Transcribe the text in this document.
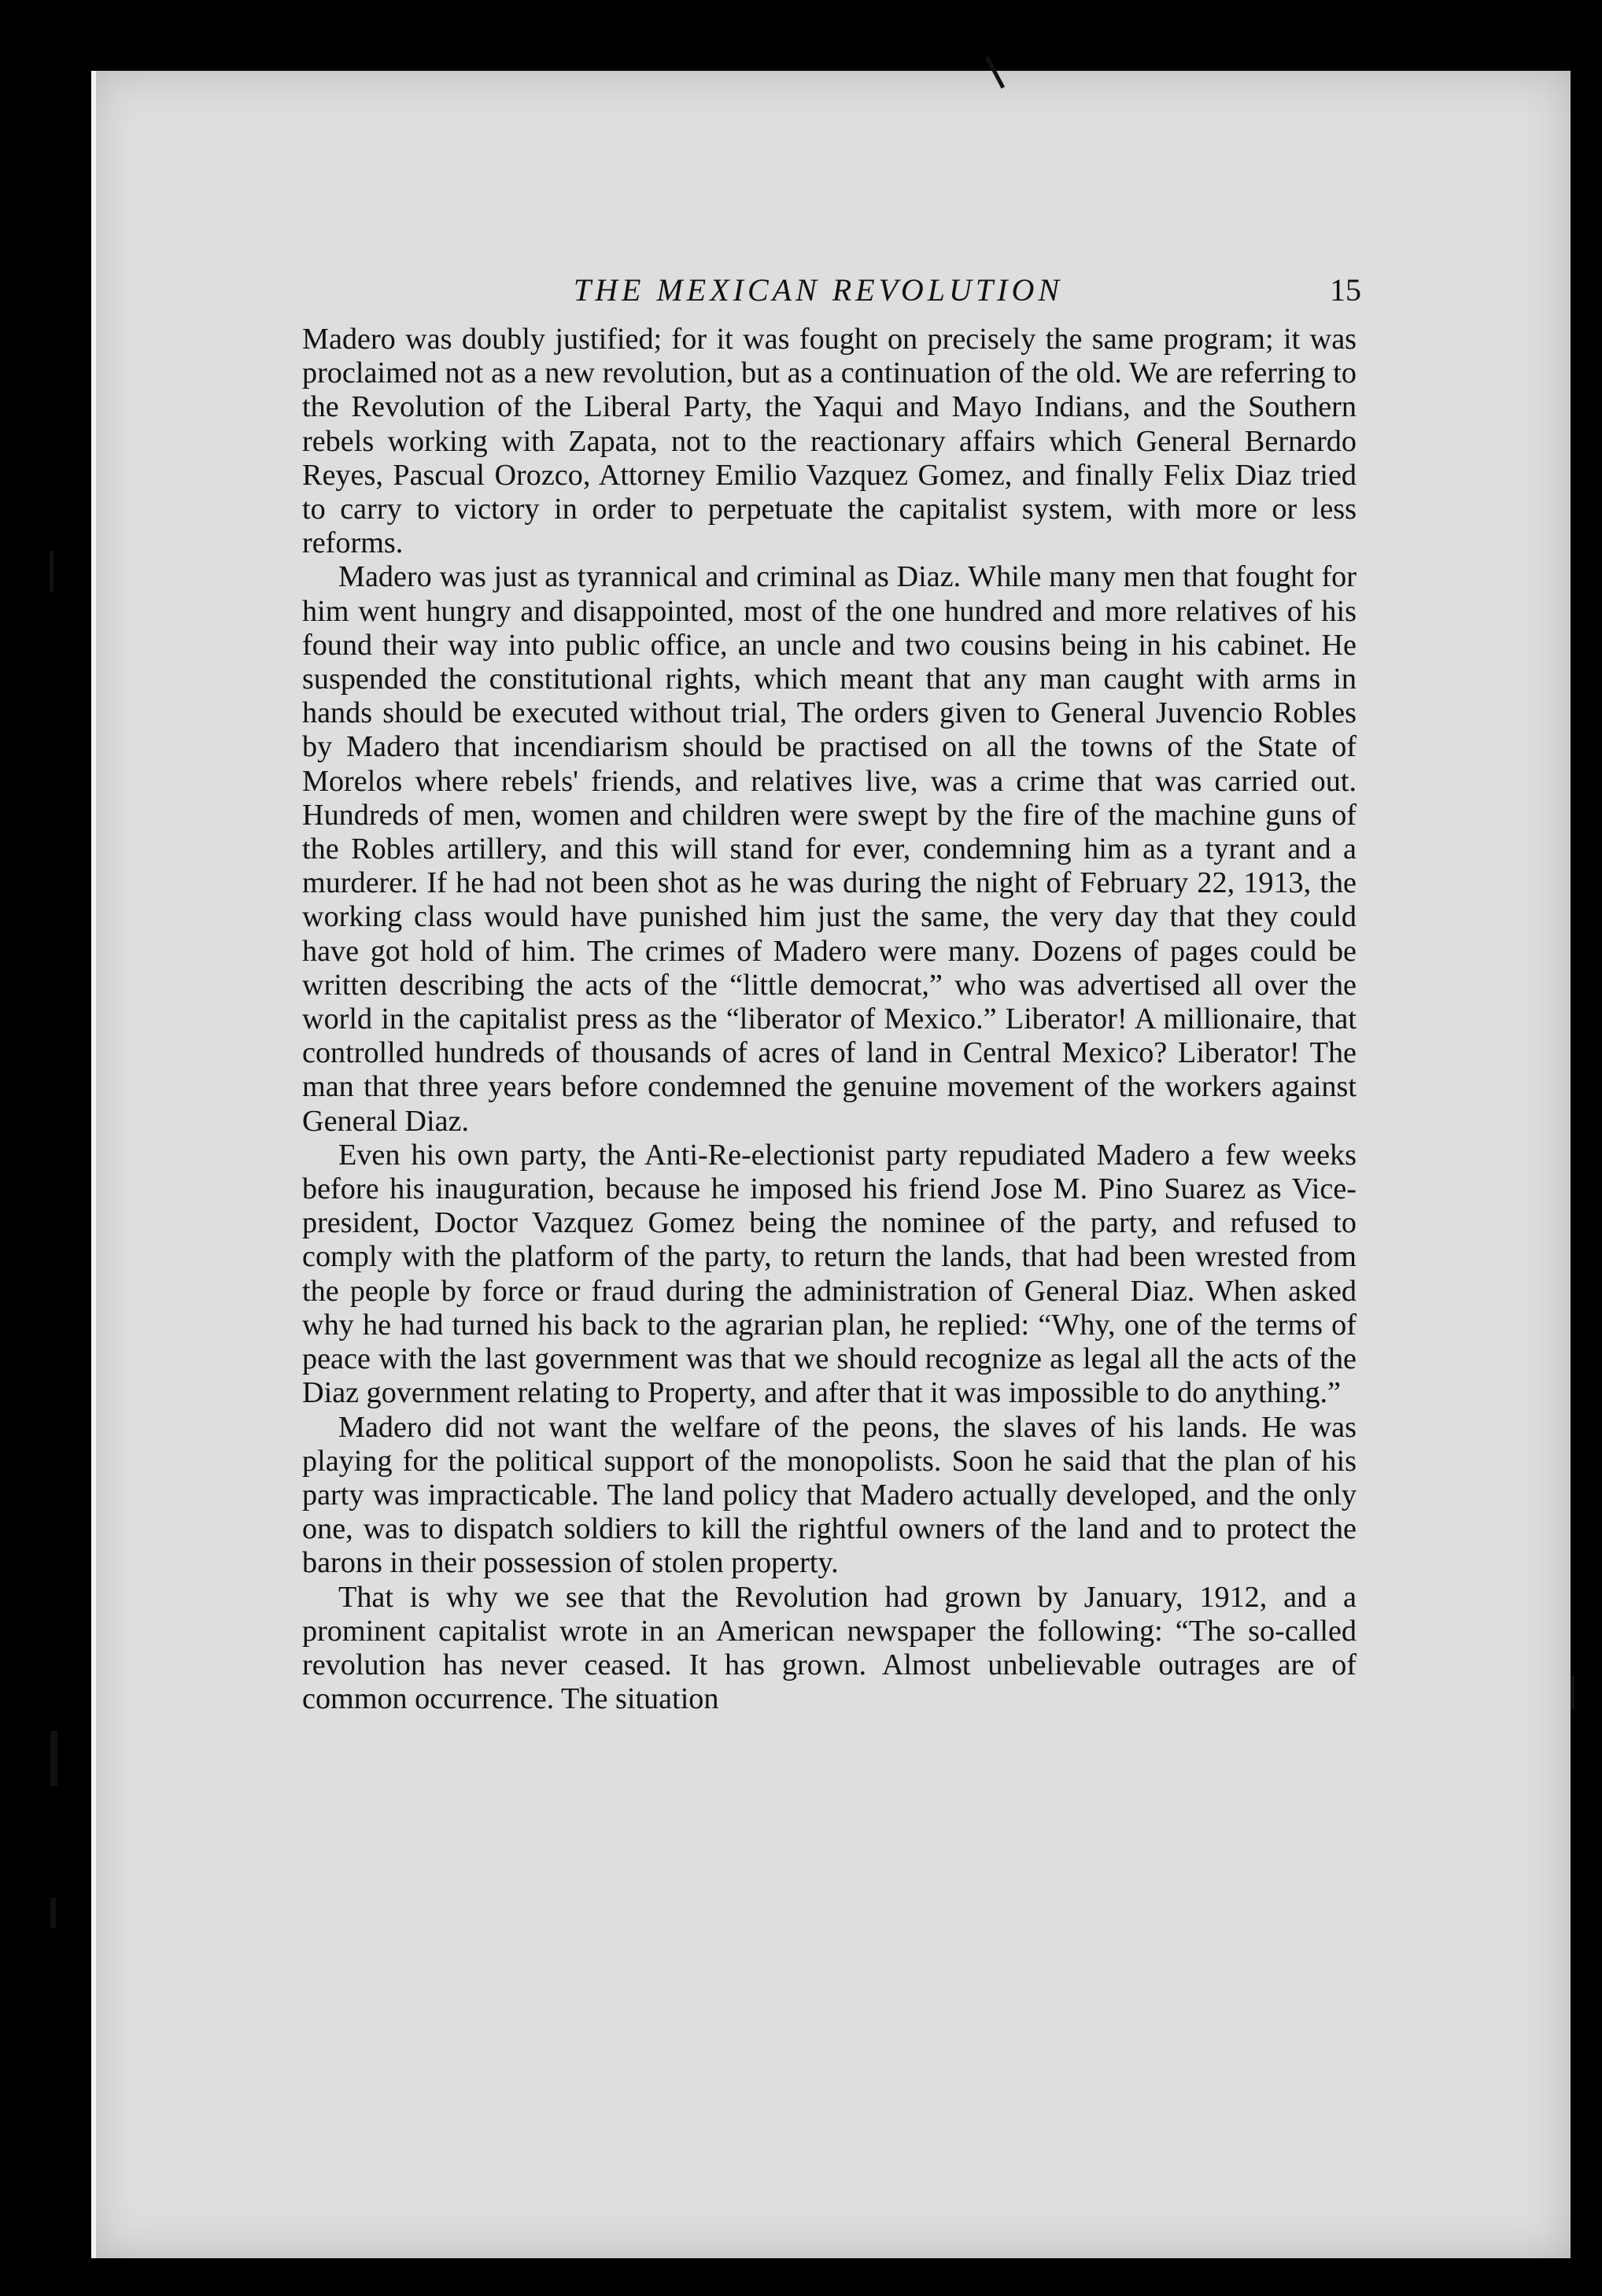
THE MEXICAN REVOLUTION	15

Madero was doubly justified; for it was fought on precisely the same program; it was proclaimed not as a new revolution, but as a continuation of the old. We are referring to the Revolution of the Liberal Party, the Yaqui and Mayo Indians, and the Southern rebels working with Zapata, not to the reactionary affairs which General Bernardo Reyes, Pascual Orozco, Attorney Emilio Vazquez Gomez, and finally Felix Diaz tried to carry to victory in order to perpetuate the capitalist system, with more or less reforms.

Madero was just as tyrannical and criminal as Diaz. While many men that fought for him went hungry and disappointed, most of the one hundred and more relatives of his found their way into public office, an uncle and two cousins being in his cabinet. He suspended the constitutional rights, which meant that any man caught with arms in hands should be executed without trial, The orders given to General Juvencio Robles by Madero that incendiarism should be practised on all the towns of the State of Morelos where rebels' friends, and relatives live, was a crime that was carried out. Hundreds of men, women and children were swept by the fire of the machine guns of the Robles artillery, and this will stand for ever, condemning him as a tyrant and a murderer. If he had not been shot as he was during the night of February 22, 1913, the working class would have punished him just the same, the very day that they could have got hold of him. The crimes of Madero were many. Dozens of pages could be written describing the acts of the “little democrat,” who was advertised all over the world in the capitalist press as the “liberator of Mexico.” Liberator! A millionaire, that controlled hundreds of thousands of acres of land in Central Mexico? Liberator! The man that three years before condemned the genuine movement of the workers against General Diaz.

Even his own party, the Anti-Re-electionist party repudiated Madero a few weeks before his inauguration, because he imposed his friend Jose M. Pino Suarez as Vice-president, Doctor Vazquez Gomez being the nominee of the party, and refused to comply with the platform of the party, to return the lands, that had been wrested from the people by force or fraud during the administration of General Diaz. When asked why he had turned his back to the agrarian plan, he replied: “Why, one of the terms of peace with the last government was that we should recognize as legal all the acts of the Diaz government relating to Property, and after that it was impossible to do anything.”

Madero did not want the welfare of the peons, the slaves of his lands. He was playing for the political support of the monopolists. Soon he said that the plan of his party was impracticable. The land policy that Madero actually developed, and the only one, was to dispatch soldiers to kill the rightful owners of the land and to protect the barons in their possession of stolen property.

That is why we see that the Revolution had grown by January, 1912, and a prominent capitalist wrote in an American newspaper the following: “The so-called revolution has never ceased. It has grown. Almost unbelievable outrages are of common occurrence. The situation
